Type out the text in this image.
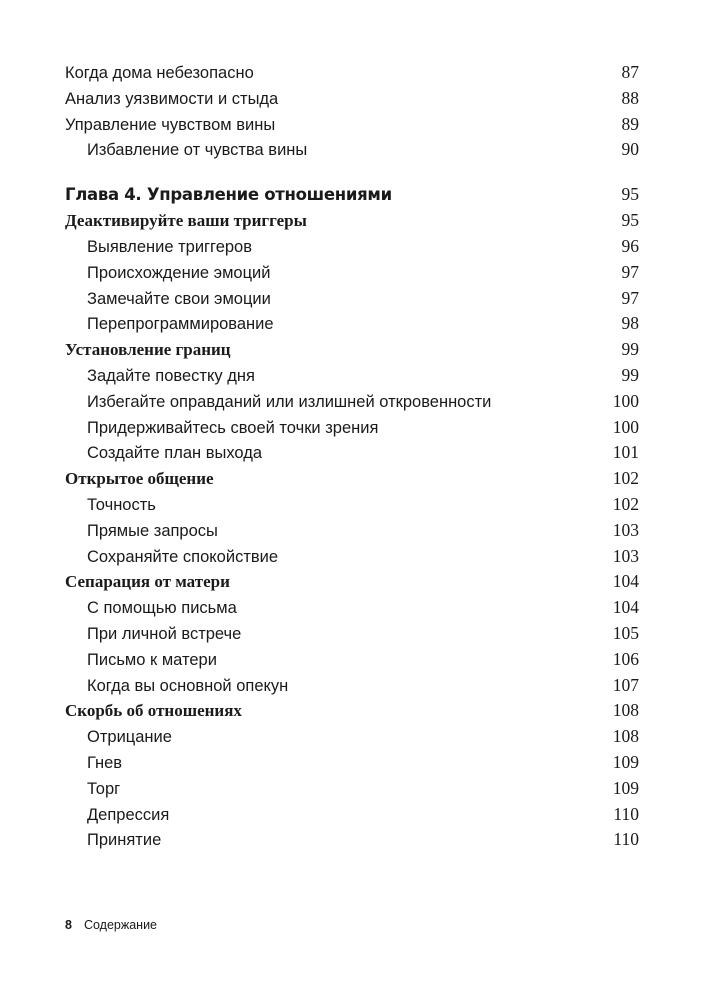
Когда дома небезопасно	87
Анализ уязвимости и стыда	88
Управление чувством вины	89
Избавление от чувства вины	90
Глава 4. Управление отношениями	95
Деактивируйте ваши триггеры	95
Выявление триггеров	96
Происхождение эмоций	97
Замечайте свои эмоции	97
Перепрограммирование	98
Установление границ	99
Задайте повестку дня	99
Избегайте оправданий или излишней откровенности	100
Придерживайтесь своей точки зрения	100
Создайте план выхода	101
Открытое общение	102
Точность	102
Прямые запросы	103
Сохраняйте спокойствие	103
Сепарация от матери	104
С помощью письма	104
При личной встрече	105
Письмо к матери	106
Когда вы основной опекун	107
Скорбь об отношениях	108
Отрицание	108
Гнев	109
Торг	109
Депрессия	110
Принятие	110
8 Содержание
